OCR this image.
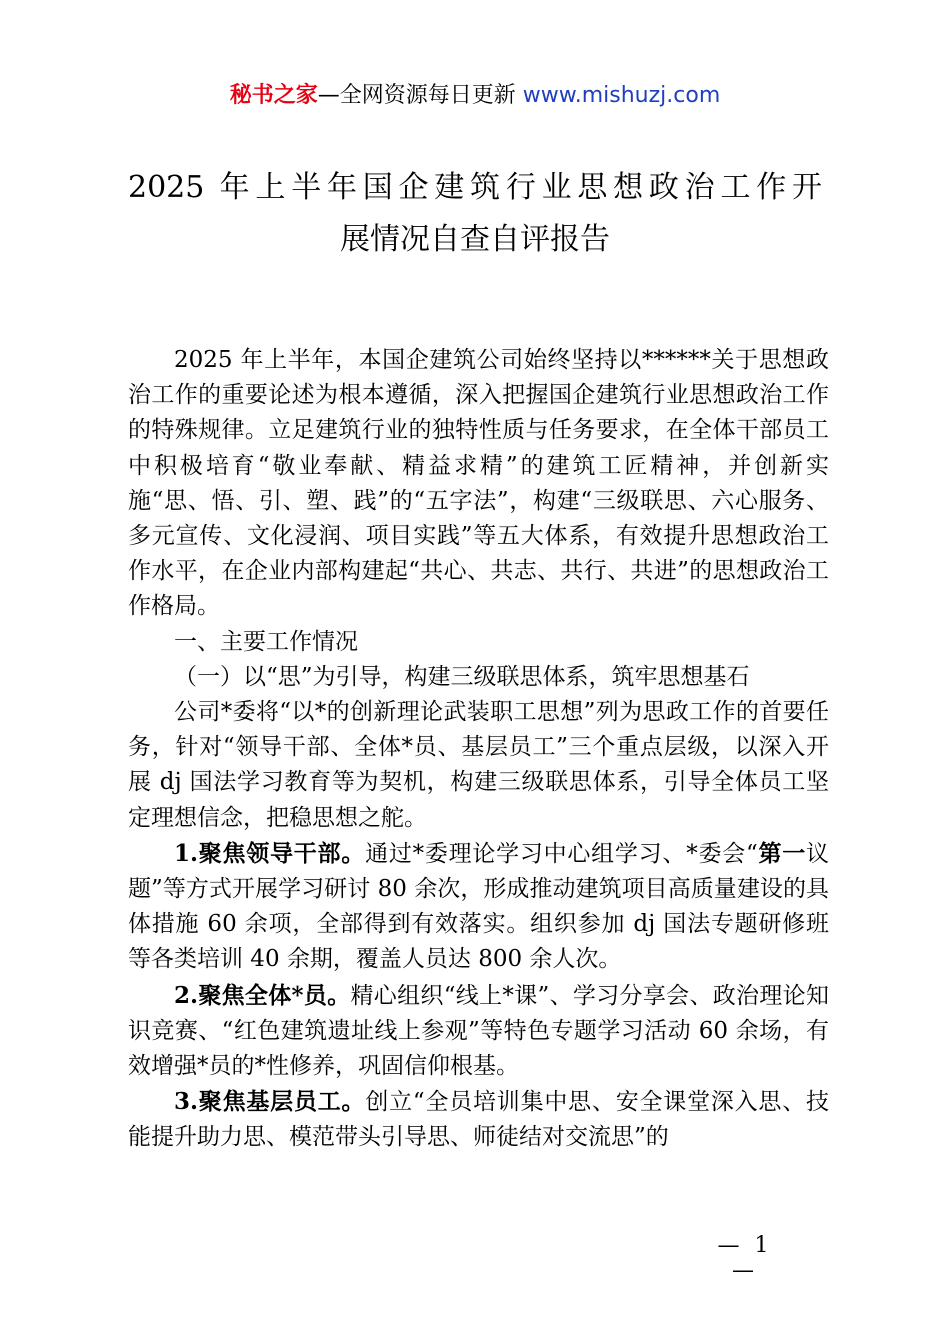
秘书之家—全网资源每日更新 www.mishuzj.com
2025 年上半年国企建筑行业思想政治工作开
展情况自查自评报告

2025 年上半年，本国企建筑公司始终坚持以******关于思想政治工作的重要论述为根本遵循，深入把握国企建筑行业思想政治工作的特殊规律。立足建筑行业的独特性质与任务要求，在全体干部员工中积极培育“敬业奉献、精益求精”的建筑工匠精神，并创新实施“思、悟、引、塑、践”的“五字法”，构建“三级联思、六心服务、多元宣传、文化浸润、项目实践”等五大体系，有效提升思想政治工作水平，在企业内部构建起“共心、共志、共行、共进”的思想政治工作格局。

一、主要工作情况

（一）以“思”为引导，构建三级联思体系，筑牢思想基石

公司*委将“以*的创新理论武装职工思想”列为思政工作的首要任务，针对“领导干部、全体*员、基层员工”三个重点层级，以深入开展 dj 国法学习教育等为契机，构建三级联思体系，引导全体员工坚定理想信念，把稳思想之舵。

1.聚焦领导干部。通过*委理论学习中心组学习、*委会“第一议题”等方式开展学习研讨 80 余次，形成推动建筑项目高质量建设的具体措施 60 余项，全部得到有效落实。组织参加 dj 国法专题研修班等各类培训 40 余期，覆盖人员达 800 余人次。

2.聚焦全体*员。精心组织“线上*课”、学习分享会、政治理论知识竞赛、“红色建筑遗址线上参观”等特色专题学习活动 60 余场，有效增强*员的*性修养，巩固信仰根基。

3.聚焦基层员工。创立“全员培训集中思、安全课堂深入思、技能提升助力思、模范带头引导思、师徒结对交流思”的

— 1 —
